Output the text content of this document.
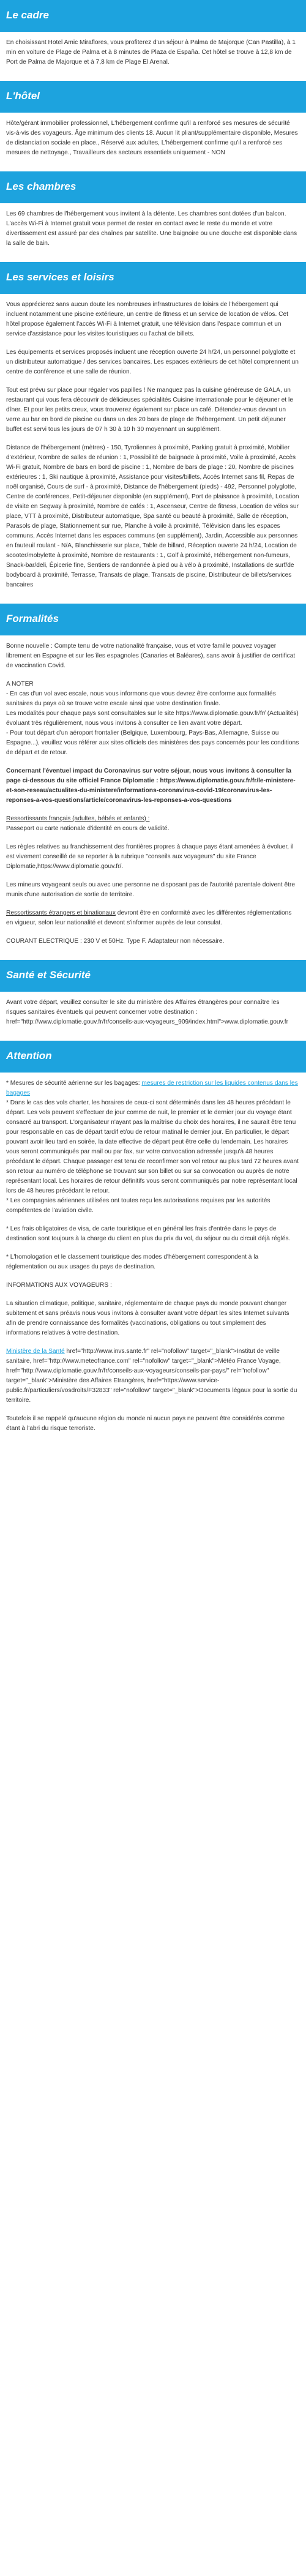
Le cadre

En choisissant Hotel Amic Miraflores, vous profiterez d'un séjour à Palma de Majorque (Can Pastilla), à 1 min en voiture de Plage de Palma et à 8 minutes de Plaza de España. Cet hôtel se trouve à 12,8 km de Port de Palma de Majorque et à 7,8 km de Plage El Arenal.

L'hôtel

Hôte/gérant immobilier professionnel, L'hébergement confirme qu'il a renforcé ses mesures de sécurité vis-à-vis des voyageurs. Âge minimum des clients 18. Aucun lit pliant/supplémentaire disponible, Mesures de distanciation sociale en place., Réservé aux adultes, L'hébergement confirme qu'il a renforcé ses mesures de nettoyage., Travailleurs des secteurs essentiels uniquement - NON

Les chambres

Les 69 chambres de l'hébergement vous invitent à la détente. Les chambres sont dotées d'un balcon. L'accès Wi-Fi à Internet gratuit vous permet de rester en contact avec le reste du monde et votre divertissement est assuré par des chaînes par satellite. Une baignoire ou une douche est disponible dans la salle de bain.

Les services et loisirs

Vous apprécierez sans aucun doute les nombreuses infrastructures de loisirs de l'hébergement qui incluent notamment une piscine extérieure, un centre de fitness et un service de location de vélos. Cet hôtel propose également l'accès Wi-Fi à Internet gratuit, une télévision dans l'espace commun et un service d'assistance pour les visites touristiques ou l'achat de billets.

Les équipements et services proposés incluent une réception ouverte 24 h/24, un personnel polyglotte et un distributeur automatique / des services bancaires. Les espaces extérieurs de cet hôtel comprennent un centre de conférence et une salle de réunion.

Tout est prévu sur place pour régaler vos papilles ! Ne manquez pas la cuisine généreuse de GALA, un restaurant qui vous fera découvrir de délicieuses spécialités Cuisine internationale pour le déjeuner et le dîner. Et pour les petits creux, vous trouverez également sur place un café. Détendez-vous devant un verre au bar en bord de piscine ou dans un des 20 bars de plage de l'hébergement. Un petit déjeuner buffet est servi tous les jours de 07 h 30 à 10 h 30 moyennant un supplément.

Distance de l'hébergement (mètres) - 150, Tyroliennes à proximité, Parking gratuit à proximité, Mobilier d'extérieur, Nombre de salles de réunion : 1, Possibilité de baignade à proximité, Voile à proximité, Accès Wi-Fi gratuit, Nombre de bars en bord de piscine : 1, Nombre de bars de plage : 20, Nombre de piscines extérieures : 1, Ski nautique à proximité, Assistance pour visites/billets, Accès Internet sans fil, Repas de noël organisé, Cours de surf - à proximité, Distance de l'hébergement (pieds) - 492, Personnel polyglotte, Centre de conférences, Petit-déjeuner disponible (en supplément), Port de plaisance à proximité, Location de visite en Segway à proximité, Nombre de cafés : 1, Ascenseur, Centre de fitness, Location de vélos sur place, VTT à proximité, Distributeur automatique, Spa santé ou beauté à proximité, Salle de réception, Parasols de plage, Stationnement sur rue, Planche à voile à proximité, Télévision dans les espaces communs, Accès Internet dans les espaces communs (en supplément), Jardin, Accessible aux personnes en fauteuil roulant - N/A, Blanchisserie sur place, Table de billard, Réception ouverte 24 h/24, Location de scooter/mobylette à proximité, Nombre de restaurants : 1, Golf à proximité, Hébergement non-fumeurs, Snack-bar/deli, Épicerie fine, Sentiers de randonnée à pied ou à vélo à proximité, Installations de surf/de bodyboard à proximité, Terrasse, Transats de plage, Transats de piscine, Distributeur de billets/services bancaires

Formalités

Bonne nouvelle : Compte tenu de votre nationalité française, vous et votre famille pouvez voyager librement en Espagne et sur les îles espagnoles (Canaries et Baléares), sans avoir à justifier de certificat de vaccination Covid.

A NOTER
- En cas d'un vol avec escale, nous vous informons que vous devrez être conforme aux formalités sanitaires du pays où se trouve votre escale ainsi que votre destination finale.
Les modalités pour chaque pays sont consultables sur le site https://www.diplomatie.gouv.fr/fr/ (Actualités) évoluant très régulièrement, nous vous invitons à consulter ce lien avant votre départ.
- Pour tout départ d'un aéroport frontalier (Belgique, Luxembourg, Pays-Bas, Allemagne, Suisse ou Espagne...), veuillez vous référer aux sites officiels des ministères des pays concernés pour les conditions de départ et de retour.

Concernant l'éventuel impact du Coronavirus sur votre séjour, nous vous invitons à consulter la page ci-dessous du site officiel France Diplomatie : https://www.diplomatie.gouv.fr/fr/le-ministere-et-son-reseau/actualites-du-ministere/informations-coronavirus-covid-19/coronavirus-les-reponses-a-vos-questions/article/coronavirus-les-reponses-a-vos-questions

Ressortissants français (adultes, bébés et enfants) :
Passeport ou carte nationale d'identité en cours de validité.

Les règles relatives au franchissement des frontières propres à chaque pays étant amenées à évoluer, il est vivement conseillé de se reporter à la rubrique "conseils aux voyageurs" du site France Diplomatie,https://www.diplomatie.gouv.fr/.

Les mineurs voyageant seuls ou avec une personne ne disposant pas de l'autorité parentale doivent être munis d'une autorisation de sortie de territoire.

Ressortissants étrangers et binationaux devront être en conformité avec les différentes réglementations en vigueur, selon leur nationalité et devront s'informer auprès de leur consulat.

COURANT ELECTRIQUE : 230 V et 50Hz. Type F. Adaptateur non nécessaire.

Santé et Sécurité

Avant votre départ, veuillez consulter le site du ministère des Affaires étrangères pour connaître les risques sanitaires éventuels qui peuvent concerner votre destination : href="http://www.diplomatie.gouv.fr/fr/conseils-aux-voyageurs_909/index.html">www.diplomatie.gouv.fr

Attention

* Mesures de sécurité aérienne sur les bagages: mesures de restriction sur les liquides contenus dans les bagages
* Dans le cas des vols charter, les horaires de ceux-ci sont déterminés dans les 48 heures précédant le départ. Les vols peuvent s'effectuer de jour comme de nuit, le premier et le dernier jour du voyage étant consacré au transport. L'organisateur n'ayant pas la maîtrise du choix des horaires, il ne saurait être tenu pour responsable en cas de départ tardif et/ou de retour matinal le dernier jour. En particulier, le départ pouvant avoir lieu tard en soirée, la date effective de départ peut être celle du lendemain. Les horaires vous seront communiqués par mail ou par fax, sur votre convocation adressée jusqu'à 48 heures précédant le départ. Chaque passager est tenu de reconfirmer son vol retour au plus tard 72 heures avant son retour au numéro de téléphone se trouvant sur son billet ou sur sa convocation ou auprès de notre représentant local. Les horaires de retour définitifs vous seront communiqués par notre représentant local lors de 48 heures précédant le retour.
* Les compagnies aériennes utilisées ont toutes reçu les autorisations requises par les autorités compétentes de l'aviation civile.

* Les frais obligatoires de visa, de carte touristique et en général les frais d'entrée dans le pays de destination sont toujours à la charge du client en plus du prix du vol, du séjour ou du circuit déjà réglés.

* L'homologation et le classement touristique des modes d'hébergement correspondent à la réglementation ou aux usages du pays de destination.

INFORMATIONS AUX VOYAGEURS :

La situation climatique, politique, sanitaire, réglementaire de chaque pays du monde pouvant changer subitement et sans préavis nous vous invitons à consulter avant votre départ les sites Internet suivants afin de prendre connaissance des formalités (vaccinations, obligations ou tout simplement des informations relatives à votre destination.

Ministère de la Santé href="http://www.invs.sante.fr" rel="nofollow" target="_blank">Institut de veille sanitaire, href="http://www.meteofrance.com" rel="nofollow" target="_blank">Météo France Voyage, href="http://www.diplomatie.gouv.fr/fr/conseils-aux-voyageurs/conseils-par-pays/" rel="nofollow" target="_blank">Ministère des Affaires Etrangères, href="https://www.service-public.fr/particuliers/vosdroits/F32833" rel="nofollow" target="_blank">Documents légaux pour la sortie du territoire.

Toutefois il se rappelé qu'aucune région du monde ni aucun pays ne peuvent être considérés comme étant à l'abri du risque terroriste.
